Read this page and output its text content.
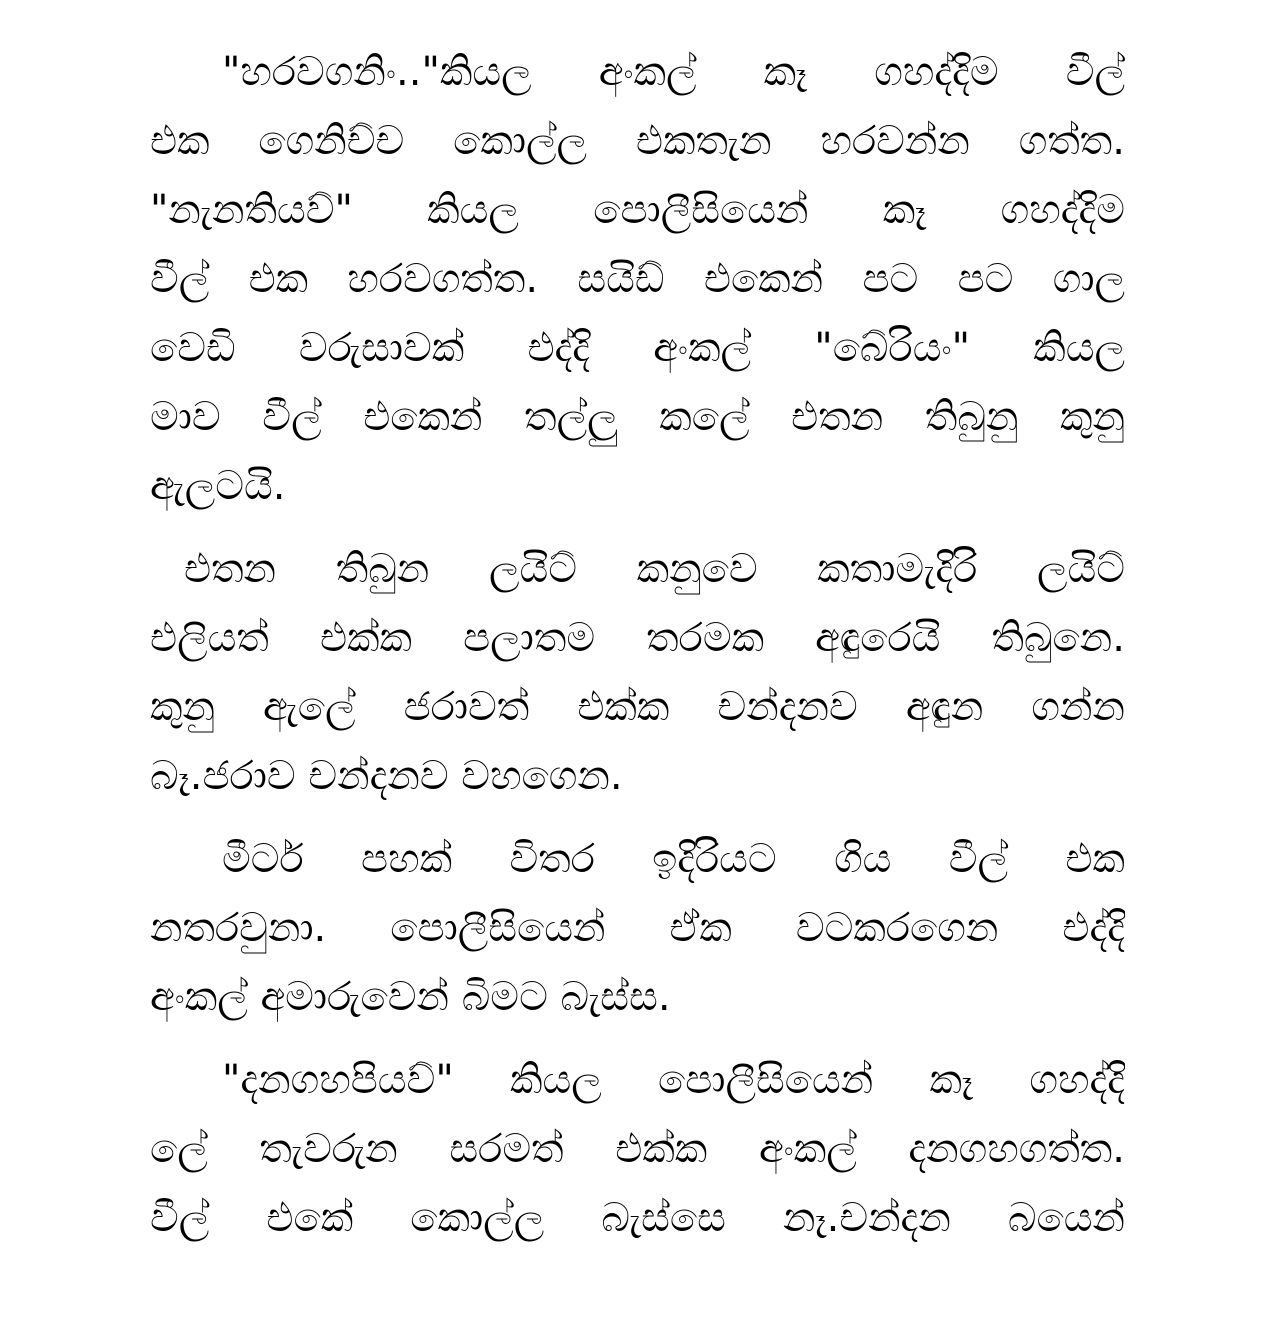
"හරවගනිං.."කියල අංකල් කෑ ගහද්දිම වීල්
එක ගෙනිච්ච කොල්ල එකතැන හරවන්න ගත්ත.
"නැනතියව්" කියල පොලීසියෙන් කෑ ගහද්දිම
වීල් එක හරවගත්ත. සයිඩ් එකෙන් පට පට ගාල
වෙඩි වරුසාවක් එද්දි අංකල් "බේරියං" කියල
මාව වීල් එකෙන් තල්ලු කලේ එතන තිබුනු කුනු
ඇලටයි.

එතන තිබුන ලයිට් කනුවෙ කතාමැදිරි ලයිට්
එලියත් එක්ක පලාතම තරමක අඳුරෙයි තිබුනෙ.
කුනු ඇලේ ජරාවත් එක්ක චන්දනව අඳුන ගන්න
බෑ.ජරාව චන්දනව වහගෙන.

මීටර් පහක් විතර ඉදිරියට ගිය වීල් එක
නතරවුනා. පොලීසියෙන් ඒක වටකරගෙන එද්දි
අංකල් අමාරුවෙන් බිමට බැස්ස.

"දනගහපියව්" කියල පොලීසියෙන් කෑ ගහද්දි
ලේ තැවරුන සරමත් එක්ක අංකල් දනගහගත්ත.
වීල් එකේ කොල්ල බැස්සෙ නෑ.චන්දන බයෙන්
